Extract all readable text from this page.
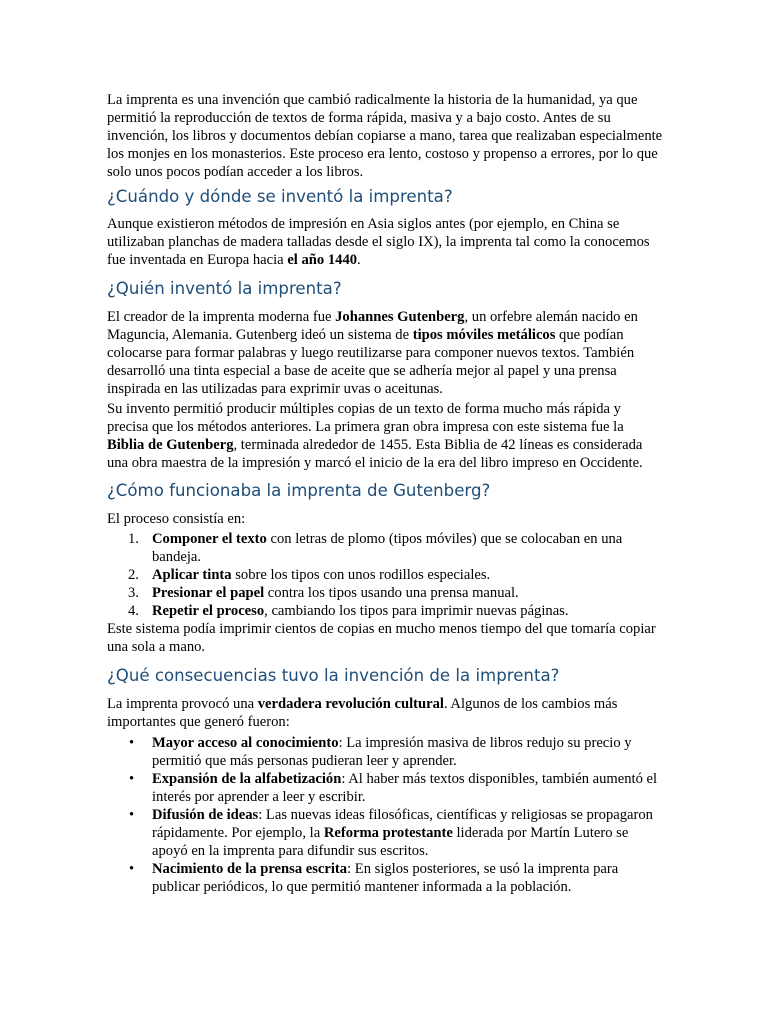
La imprenta es una invención que cambió radicalmente la historia de la humanidad, ya que permitió la reproducción de textos de forma rápida, masiva y a bajo costo. Antes de su invención, los libros y documentos debían copiarse a mano, tarea que realizaban especialmente los monjes en los monasterios. Este proceso era lento, costoso y propenso a errores, por lo que solo unos pocos podían acceder a los libros.

¿Cuándo y dónde se inventó la imprenta?

Aunque existieron métodos de impresión en Asia siglos antes (por ejemplo, en China se utilizaban planchas de madera talladas desde el siglo IX), la imprenta tal como la conocemos fue inventada en Europa hacia el año 1440.

¿Quién inventó la imprenta?

El creador de la imprenta moderna fue Johannes Gutenberg, un orfebre alemán nacido en Maguncia, Alemania. Gutenberg ideó un sistema de tipos móviles metálicos que podían colocarse para formar palabras y luego reutilizarse para componer nuevos textos. También desarrolló una tinta especial a base de aceite que se adhería mejor al papel y una prensa inspirada en las utilizadas para exprimir uvas o aceitunas.

Su invento permitió producir múltiples copias de un texto de forma mucho más rápida y precisa que los métodos anteriores. La primera gran obra impresa con este sistema fue la Biblia de Gutenberg, terminada alrededor de 1455. Esta Biblia de 42 líneas es considerada una obra maestra de la impresión y marcó el inicio de la era del libro impreso en Occidente.

¿Cómo funcionaba la imprenta de Gutenberg?

El proceso consistía en:

1. Componer el texto con letras de plomo (tipos móviles) que se colocaban en una bandeja.
2. Aplicar tinta sobre los tipos con unos rodillos especiales.
3. Presionar el papel contra los tipos usando una prensa manual.
4. Repetir el proceso, cambiando los tipos para imprimir nuevas páginas.

Este sistema podía imprimir cientos de copias en mucho menos tiempo del que tomaría copiar una sola a mano.

¿Qué consecuencias tuvo la invención de la imprenta?

La imprenta provocó una verdadera revolución cultural. Algunos de los cambios más importantes que generó fueron:

• Mayor acceso al conocimiento: La impresión masiva de libros redujo su precio y permitió que más personas pudieran leer y aprender.
• Expansión de la alfabetización: Al haber más textos disponibles, también aumentó el interés por aprender a leer y escribir.
• Difusión de ideas: Las nuevas ideas filosóficas, científicas y religiosas se propagaron rápidamente. Por ejemplo, la Reforma protestante liderada por Martín Lutero se apoyó en la imprenta para difundir sus escritos.
• Nacimiento de la prensa escrita: En siglos posteriores, se usó la imprenta para publicar periódicos, lo que permitió mantener informada a la población.
